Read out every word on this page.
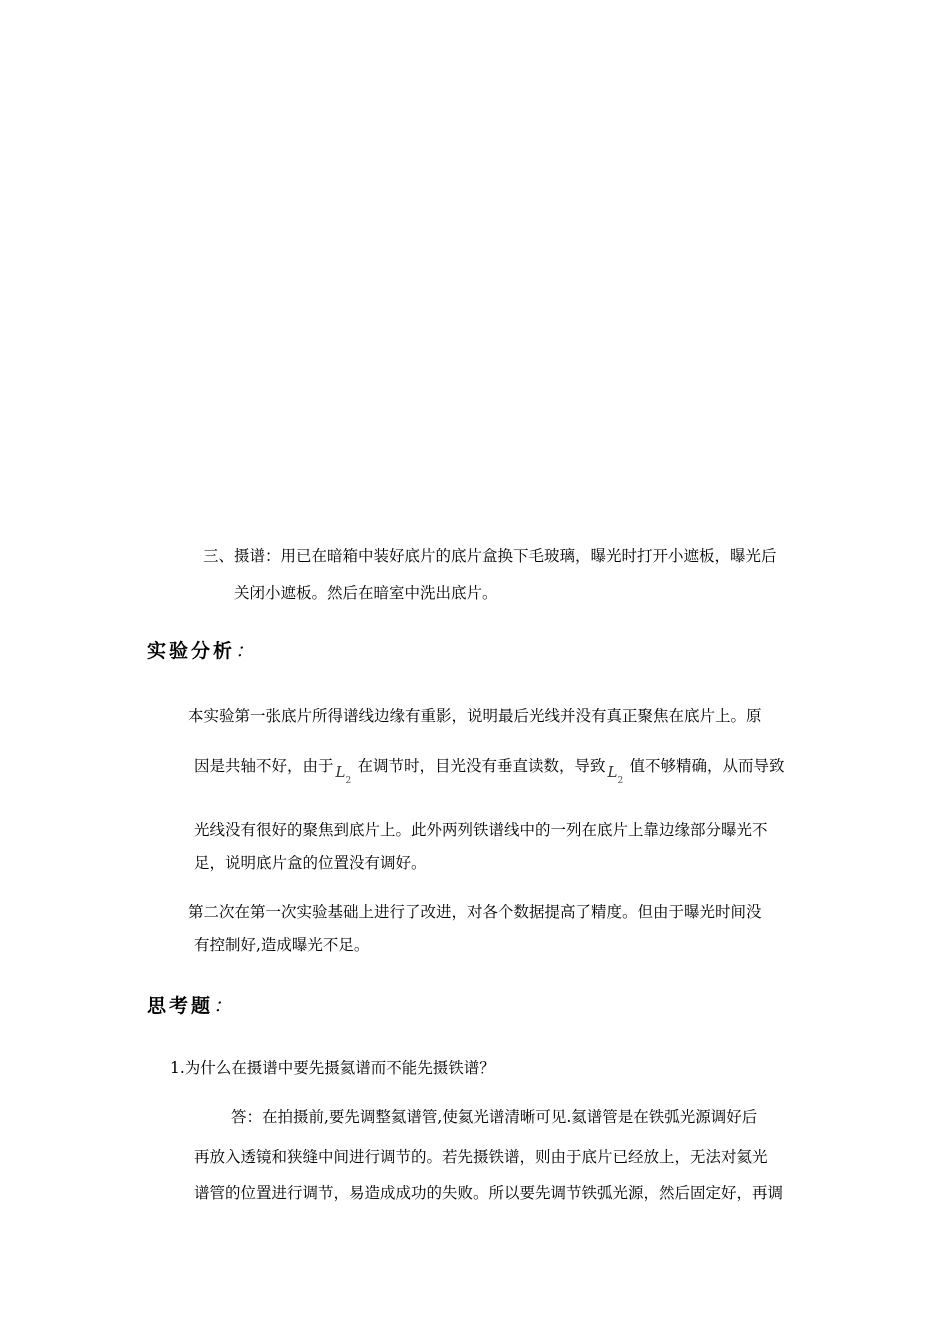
三、摄谱：用已在暗箱中装好底片的底片盒换下毛玻璃，曝光时打开小遮板，曝光后
关闭小遮板。然后在暗室中洗出底片。
实验分析：
本实验第一张底片所得谱线边缘有重影，说明最后光线并没有真正聚焦在底片上。原
因是共轴不好，由于 L 2
在调节时，目光没有垂直读数，导致 L 2
值不够精确，从而导致
光线没有很好的聚焦到底片上。此外两列铁谱线中的一列在底片上靠边缘部分曝光不
足，说明底片盒的位置没有调好。
第二次在第一次实验基础上进行了改进，对各个数据提高了精度。但由于曝光时间没
有控制好,造成曝光不足。
思考题：
1.为什么在摄谱中要先摄氦谱而不能先摄铁谱？
答：在拍摄前,要先调整氦谱管,使氦光谱清晰可见.氦谱管是在铁弧光源调好后
再放入透镜和狭缝中间进行调节的。若先摄铁谱，则由于底片已经放上，无法对氦光
谱管的位置进行调节，易造成成功的失败。所以要先调节铁弧光源，然后固定好，再调
